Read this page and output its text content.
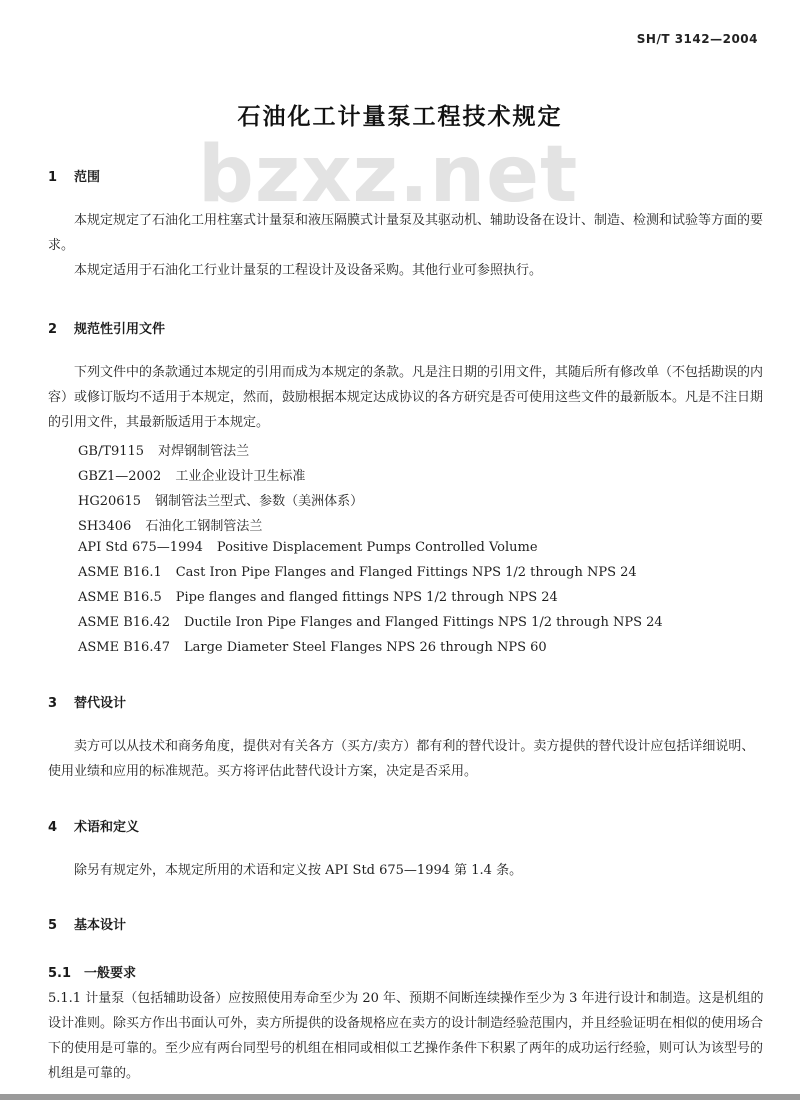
SH/T 3142—2004
石油化工计量泵工程技术规定
bzxz.net
1 范围
本规定规定了石油化工用柱塞式计量泵和液压隔膜式计量泵及其驱动机、辅助设备在设计、制造、检测和试验等方面的要求。
本规定适用于石油化工行业计量泵的工程设计及设备采购。其他行业可参照执行。
2 规范性引用文件
下列文件中的条款通过本规定的引用而成为本规定的条款。凡是注日期的引用文件，其随后所有修改单（不包括勘误的内容）或修订版均不适用于本规定，然而，鼓励根据本规定达成协议的各方研究是否可使用这些文件的最新版本。凡是不注日期的引用文件，其最新版适用于本规定。
GB/T9115 对焊钢制管法兰
GBZ1—2002 工业企业设计卫生标准
HG20615 钢制管法兰型式、参数（美洲体系）
SH3406 石油化工钢制管法兰
API Std 675—1994 Positive Displacement Pumps Controlled Volume
ASME B16.1 Cast Iron Pipe Flanges and Flanged Fittings NPS 1/2 through NPS 24
ASME B16.5 Pipe flanges and flanged fittings NPS 1/2 through NPS 24
ASME B16.42 Ductile Iron Pipe Flanges and Flanged Fittings NPS 1/2 through NPS 24
ASME B16.47 Large Diameter Steel Flanges NPS 26 through NPS 60
3 替代设计
卖方可以从技术和商务角度，提供对有关各方（买方/卖方）都有利的替代设计。卖方提供的替代设计应包括详细说明、使用业绩和应用的标准规范。买方将评估此替代设计方案，决定是否采用。
4 术语和定义
除另有规定外，本规定所用的术语和定义按 API Std 675—1994 第 1.4 条。
5 基本设计
5.1 一般要求
5.1.1 计量泵（包括辅助设备）应按照使用寿命至少为 20 年、预期不间断连续操作至少为 3 年进行设计和制造。这是机组的设计准则。除买方作出书面认可外，卖方所提供的设备规格应在卖方的设计制造经验范围内，并且经验证明在相似的使用场合下的使用是可靠的。至少应有两台同型号的机组在相同或相似工艺操作条件下积累了两年的成功运行经验，则可认为该型号的机组是可靠的。
